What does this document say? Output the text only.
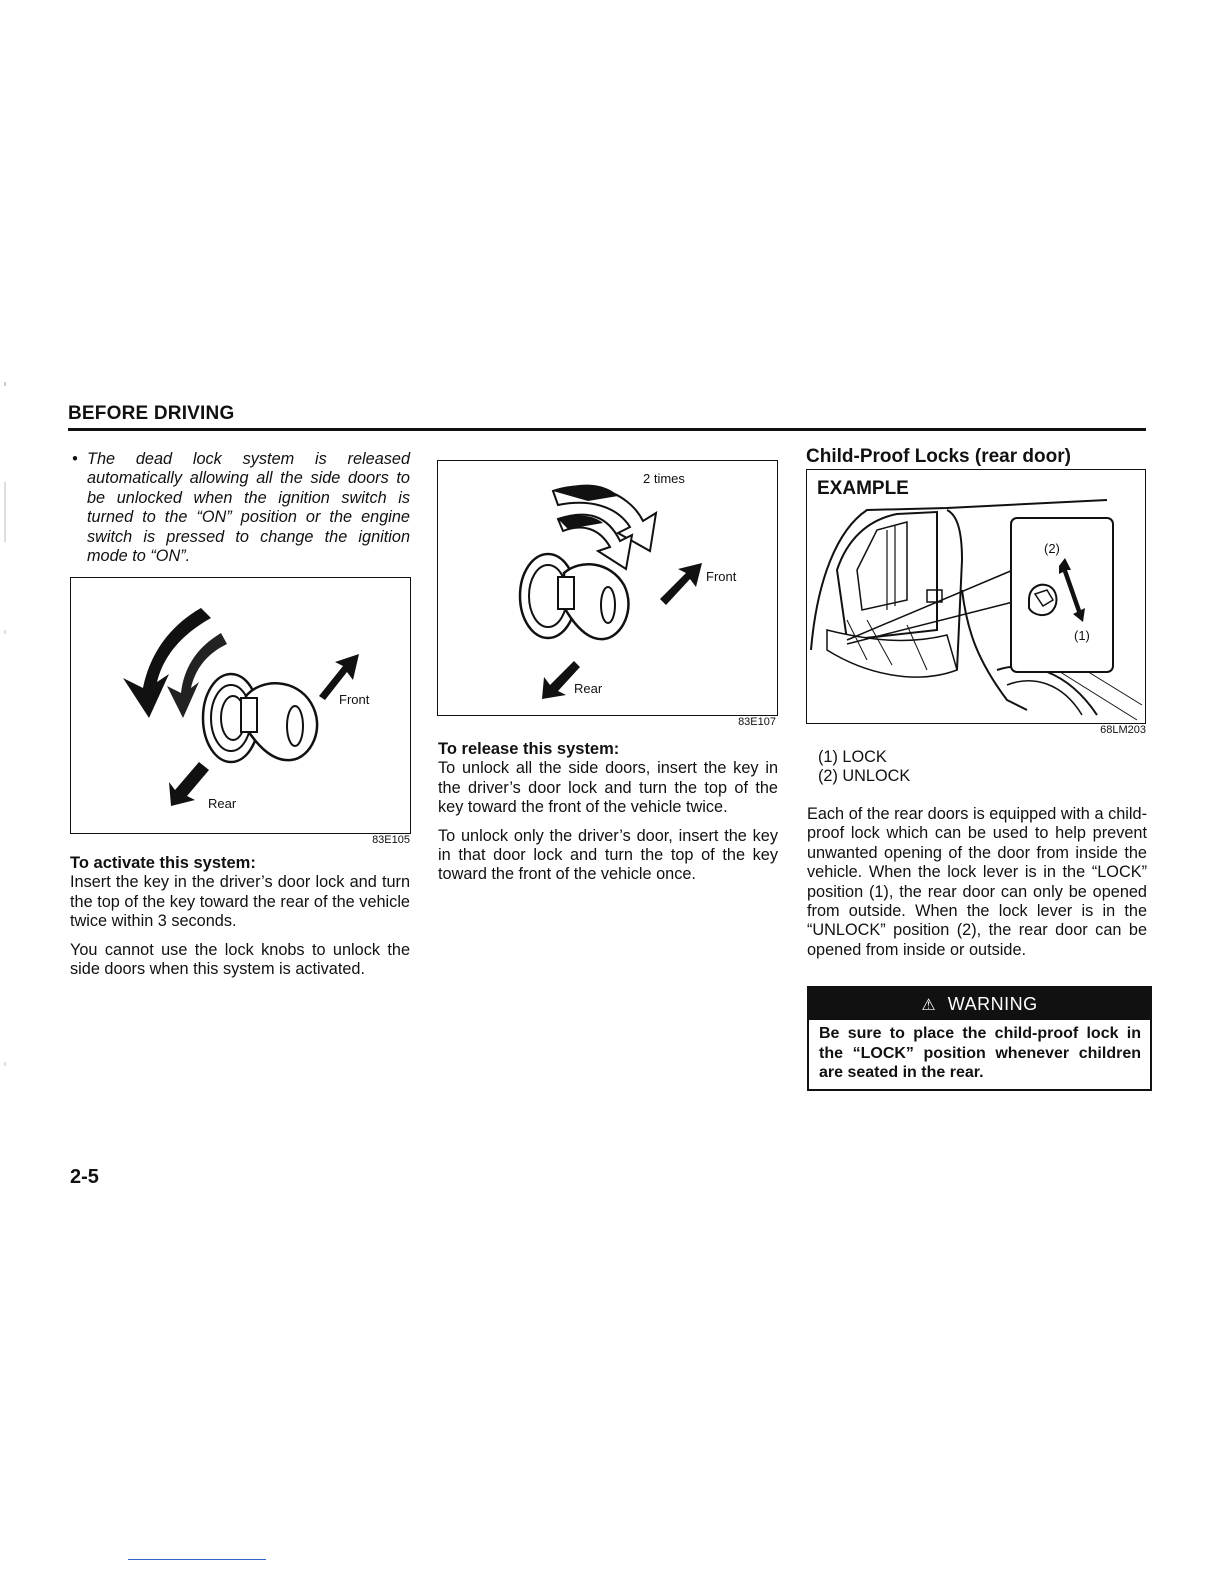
BEFORE DRIVING
• The dead lock system is released automatically allowing all the side doors to be unlocked when the ignition switch is turned to the “ON” position or the engine switch is pressed to change the ignition mode to “ON”.
Front
Rear
83E105
To activate this system:

Insert the key in the driver’s door lock and turn the top of the key toward the rear of the vehicle twice within 3 seconds.

You cannot use the lock knobs to unlock the side doors when this system is activated.

2 times
Front
Rear
83E107
To release this system:

To unlock all the side doors, insert the key in the driver’s door lock and turn the top of the key toward the front of the vehicle twice.

To unlock only the driver’s door, insert the key in that door lock and turn the top of the key toward the front of the vehicle once.

Child-Proof Locks (rear door)
EXAMPLE
(2)
(1)
68LM203
(1) LOCK
(2) UNLOCK

Each of the rear doors is equipped with a child-proof lock which can be used to help prevent unwanted opening of the door from inside the vehicle. When the lock lever is in the “LOCK” position (1), the rear door can only be opened from outside. When the lock lever is in the “UNLOCK” position (2), the rear door can be opened from inside or outside.

⚠ WARNING
Be sure to place the child-proof lock in the “LOCK” position whenever children are seated in the rear.
2-5
